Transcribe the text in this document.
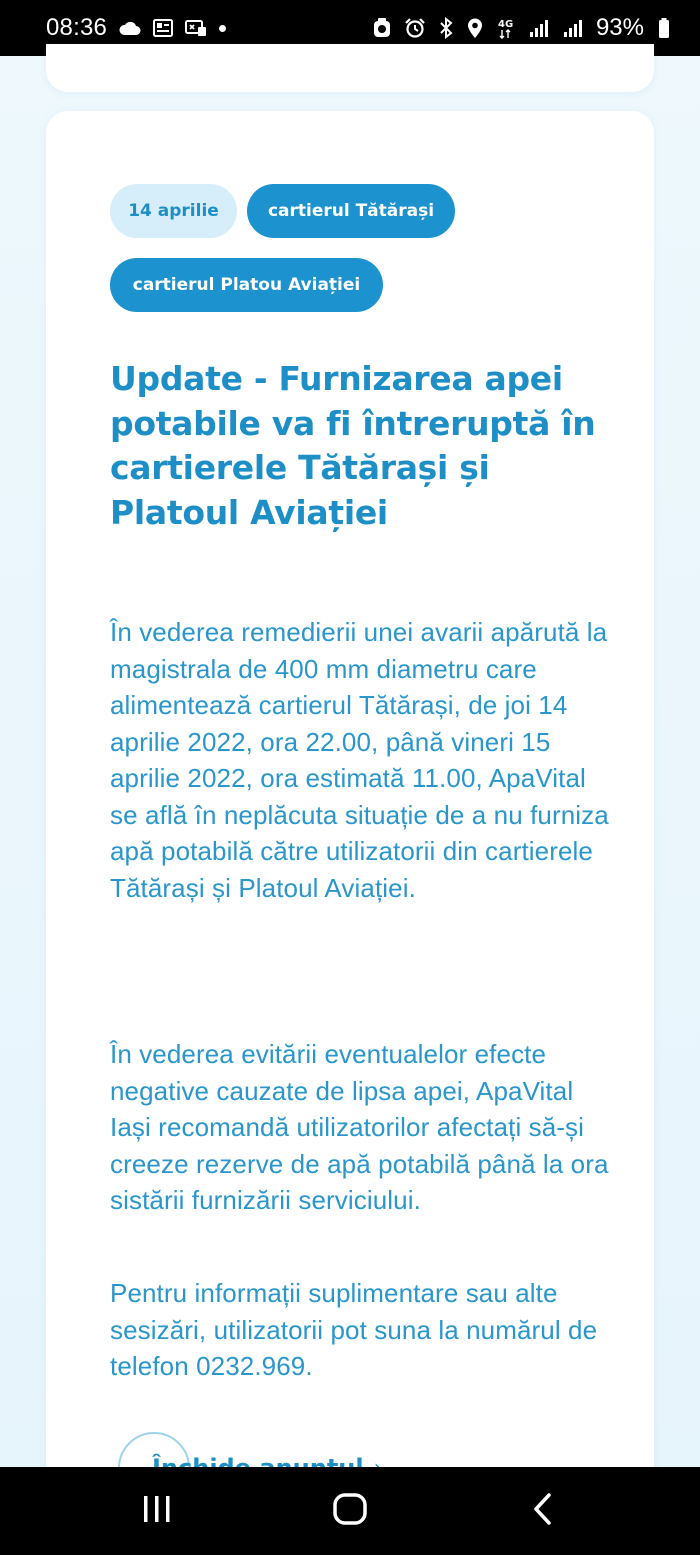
08:36	4G	93%
14 aprilie	cartierul Tătărași
cartierul Platou Aviației
Update - Furnizarea apei potabile va fi întreruptă în cartierele Tătărași și Platoul Aviației

În vederea remedierii unei avarii apărută la magistrala de 400 mm diametru care alimentează cartierul Tătărași, de joi 14 aprilie 2022, ora 22.00, până vineri 15 aprilie 2022, ora estimată 11.00, ApaVital se află în neplăcuta situație de a nu furniza apă potabilă către utilizatorii din cartierele Tătărași și Platoul Aviației.

În vederea evitării eventualelor efecte negative cauzate de lipsa apei, ApaVital Iași recomandă utilizatorilor afectați să-și creeze rezerve de apă potabilă până la ora sistării furnizării serviciului.

Pentru informații suplimentare sau alte sesizări, utilizatorii pot suna la numărul de telefon 0232.969.
